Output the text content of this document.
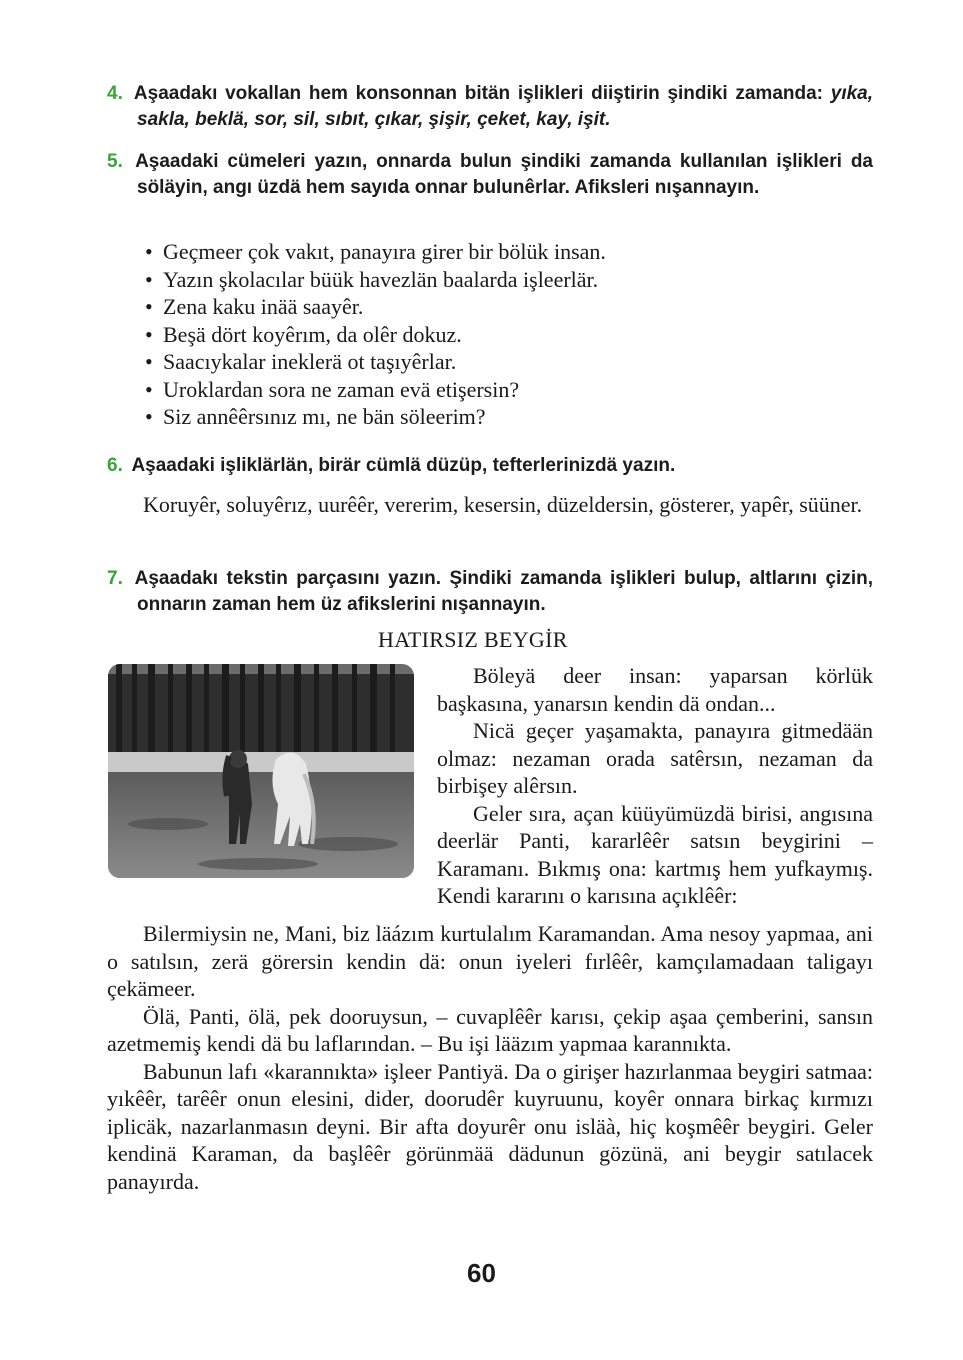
4. Aşaadakı vokallan hem konsonnan bitän işlikleri diiştirin şindiki zamanda: yıka, sakla, beklä, sor, sil, sıbıt, çıkar, şişir, çeket, kay, işit.
5. Aşaadaki cümeleri yazın, onnarda bulun şindiki zamanda kullanılan işlikleri da söläyin, angı üzdä hem sayıda onnar bulunêrlar. Afiksleri nışannayın.
• Geçmeer çok vakıt, panayıra girer bir bölük insan.
• Yazın şkolacılar büük havezlän baalarda işleerlär.
• Zena kaku inää saayêr.
• Beşä dört koyêrım, da olêr dokuz.
• Saacıykalar ineklerä ot taşıyêrlar.
• Uroklardan sora ne zaman evä etişersin?
• Siz annêêrsınız mı, ne bän söleerim?
6. Aşaadaki işliklärlän, birär cümlä düzüp, tefterlerinizdä yazın.

Koruyêr, soluyêrız, uurêêr, vererim, kesersin, düzeldersin, gösterer, yapêr, süüner.

7. Aşaadakı tekstin parçasını yazın. Şindiki zamanda işlikleri bulup, altlarını çizin, onnarın zaman hem üz afikslerini nışannayın.
HATIRSIZ BEYGİR

Böleyä deer insan: yaparsan körlük başkasına, yanarsın kendin dä ondan...

Nicä geçer yaşamakta, panayıra gitmedään olmaz: nezaman orada satêrsın, nezaman da birbişey alêrsın.

Geler sıra, açan küüyümüzdä birisi, angısına deerlär Panti, kararlêêr satsın beygirini – Karamanı. Bıkmış ona: kartmış hem yufkaymış. Kendi kararını o karısına açıklêêr:

Bilermiysin ne, Mani, biz läázım kurtulalım Karamandan. Ama nesoy yapmaa, ani o satılsın, zerä görersin kendin dä: onun iyeleri fırlêêr, kamçılamadaan taligayı çekämeer.

Ölä, Panti, ölä, pek dooruysun, – cuvaplêêr karısı, çekip aşaa çemberini, sansın azetmemiş kendi dä bu laflarından. – Bu işi lääzım yapmaa karannıkta.

Babunun lafı «karannıkta» işleer Pantiyä. Da o girişer hazırlanmaa beygiri satmaa: yıkêêr, tarêêr onun elesini, dider, doorudêr kuyruunu, koyêr onnara birkaç kırmızı iplicäk, nazarlanmasın deyni. Bir afta doyurêr onu isläà, hiç koşmêêr beygiri. Geler kendinä Karaman, da başlêêr görünmää dädunun gözünä, ani beygir satılacek panayırda.

60
